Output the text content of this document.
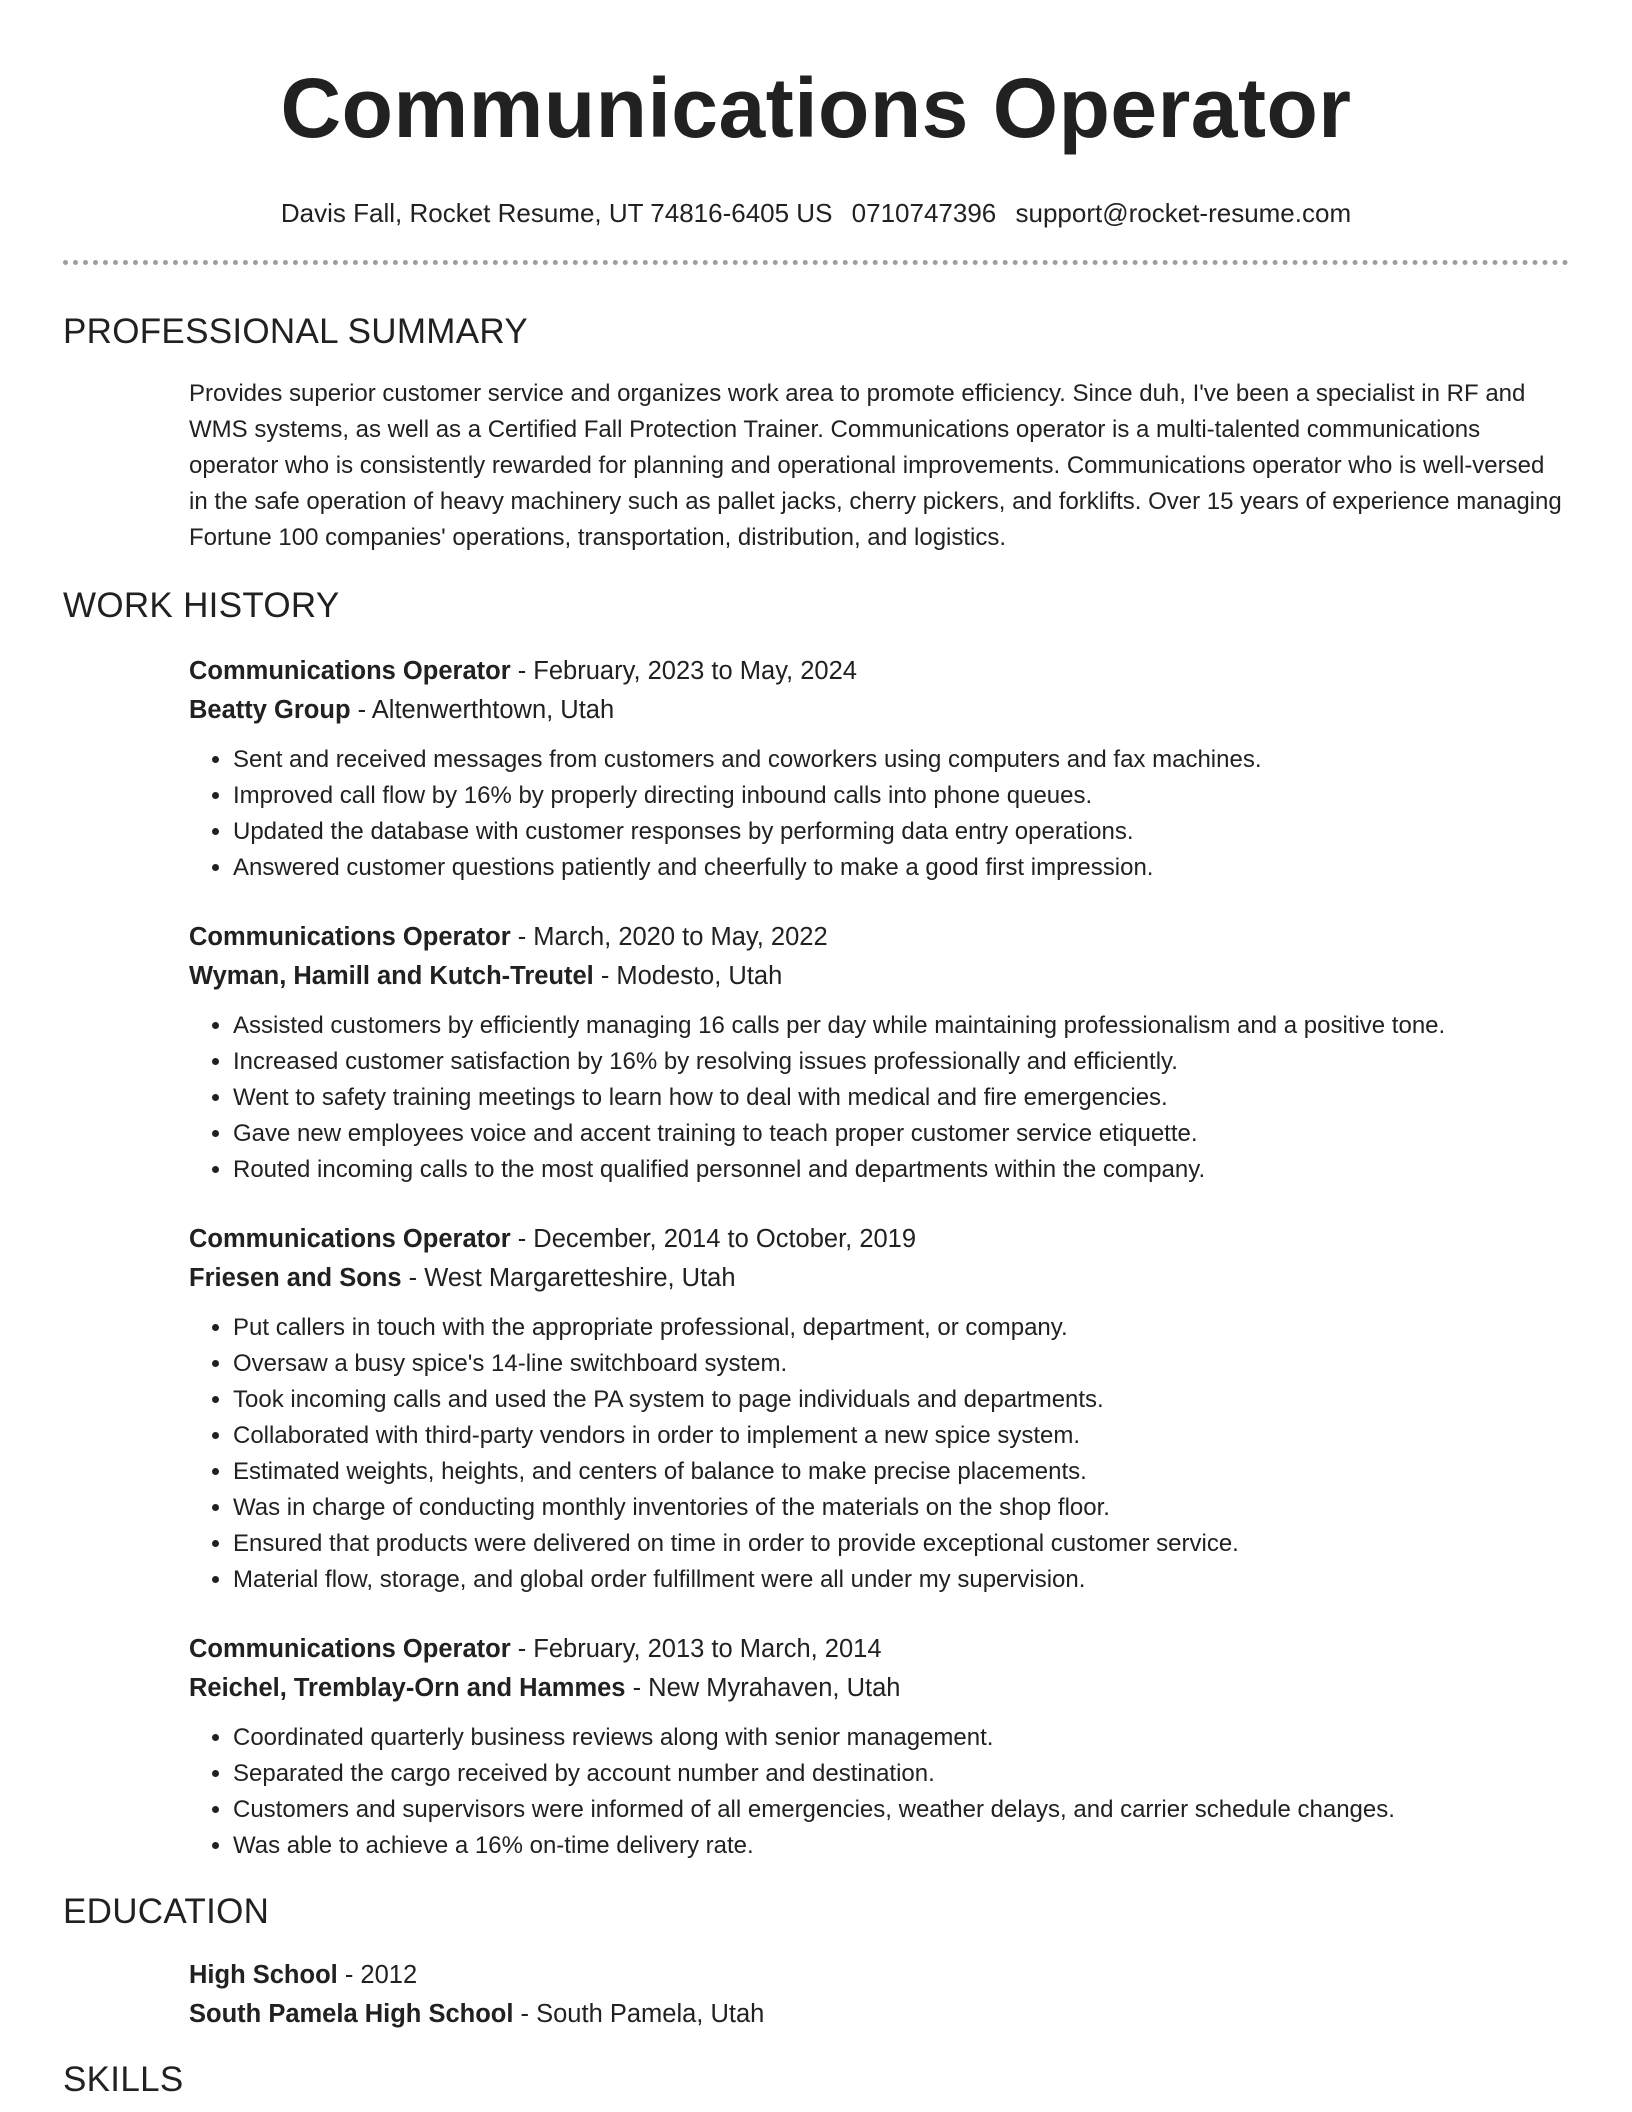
Communications Operator
Davis Fall, Rocket Resume, UT 74816-6405 US 0710747396 support@rocket-resume.com
PROFESSIONAL SUMMARY
Provides superior customer service and organizes work area to promote efficiency. Since duh, I've been a specialist in RF and WMS systems, as well as a Certified Fall Protection Trainer. Communications operator is a multi-talented communications operator who is consistently rewarded for planning and operational improvements. Communications operator who is well-versed in the safe operation of heavy machinery such as pallet jacks, cherry pickers, and forklifts. Over 15 years of experience managing Fortune 100 companies' operations, transportation, distribution, and logistics.
WORK HISTORY
Communications Operator - February, 2023 to May, 2024
Beatty Group - Altenwerthtown, Utah
• Sent and received messages from customers and coworkers using computers and fax machines.
• Improved call flow by 16% by properly directing inbound calls into phone queues.
• Updated the database with customer responses by performing data entry operations.
• Answered customer questions patiently and cheerfully to make a good first impression.
Communications Operator - March, 2020 to May, 2022
Wyman, Hamill and Kutch-Treutel - Modesto, Utah
• Assisted customers by efficiently managing 16 calls per day while maintaining professionalism and a positive tone.
• Increased customer satisfaction by 16% by resolving issues professionally and efficiently.
• Went to safety training meetings to learn how to deal with medical and fire emergencies.
• Gave new employees voice and accent training to teach proper customer service etiquette.
• Routed incoming calls to the most qualified personnel and departments within the company.
Communications Operator - December, 2014 to October, 2019
Friesen and Sons - West Margaretteshire, Utah
• Put callers in touch with the appropriate professional, department, or company.
• Oversaw a busy spice's 14-line switchboard system.
• Took incoming calls and used the PA system to page individuals and departments.
• Collaborated with third-party vendors in order to implement a new spice system.
• Estimated weights, heights, and centers of balance to make precise placements.
• Was in charge of conducting monthly inventories of the materials on the shop floor.
• Ensured that products were delivered on time in order to provide exceptional customer service.
• Material flow, storage, and global order fulfillment were all under my supervision.
Communications Operator - February, 2013 to March, 2014
Reichel, Tremblay-Orn and Hammes - New Myrahaven, Utah
• Coordinated quarterly business reviews along with senior management.
• Separated the cargo received by account number and destination.
• Customers and supervisors were informed of all emergencies, weather delays, and carrier schedule changes.
• Was able to achieve a 16% on-time delivery rate.
EDUCATION
High School - 2012
South Pamela High School - South Pamela, Utah
SKILLS
